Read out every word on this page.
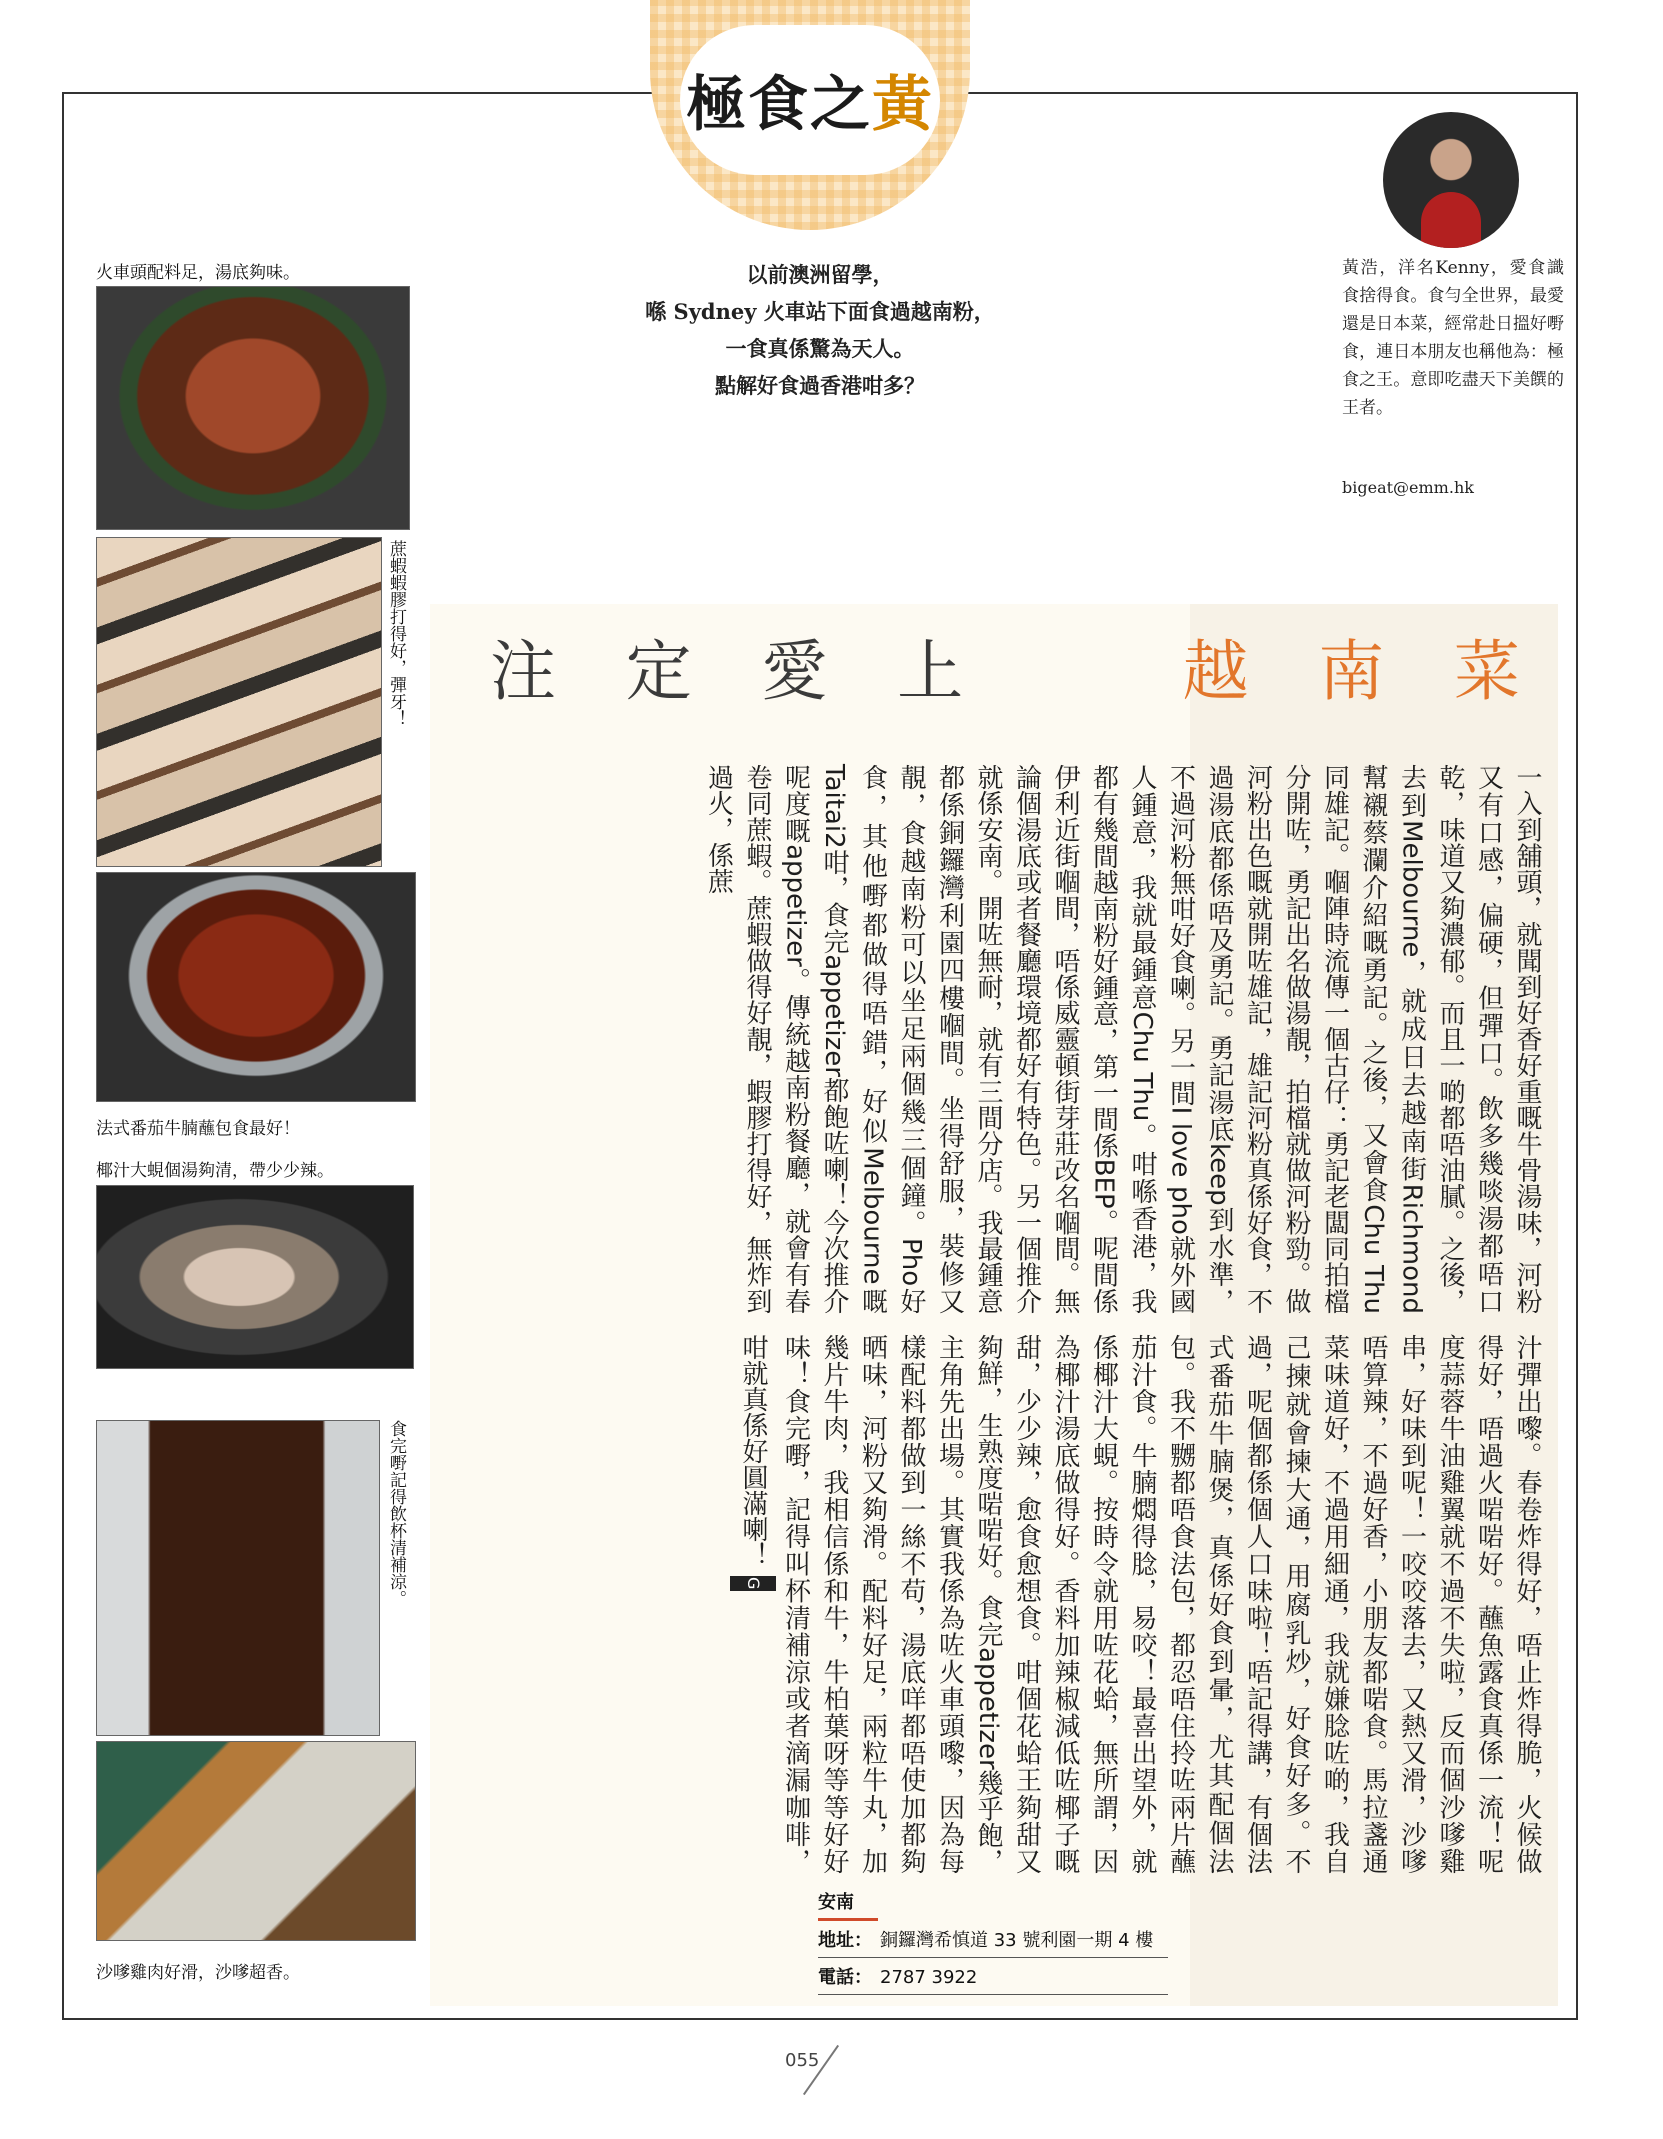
極食之黃
以前澳洲留學，
喺 Sydney 火車站下面食過越南粉，
一食真係驚為天人。
點解好食過香港咁多？
黃浩，洋名Kenny，愛食識食捨得食。食勻全世界，最愛還是日本菜，經常赴日搵好嘢食，連日本朋友也稱他為：極食之王。意即吃盡天下美饌的王者。
bigeat@emm.hk
火車頭配料足，湯底夠味。
蔗蝦蝦膠打得好，彈牙！
法式番茄牛腩蘸包食最好！
椰汁大蜆個湯夠清，帶少少辣。
食完嘢記得飲杯清補涼。
沙嗲雞肉好滑，沙嗲超香。
注 定 愛 上	越 南 菜

一入到舖頭，就聞到好香好重嘅牛骨湯味，河粉又有口感，偏硬，但彈口。飲多幾啖湯都唔口乾，味道又夠濃郁。而且一啲都唔油膩。之後，去到Melbourne，就成日去越南街Richmond幫襯蔡瀾介紹嘅勇記。之後，又會食Chu Thu同雄記。嗰陣時流傳一個古仔：勇記老闆同拍檔分開咗，勇記出名做湯靚，拍檔就做河粉勁。做河粉出色嘅就開咗雄記，雄記河粉真係好食，不過湯底都係唔及勇記。勇記湯底keep到水準，不過河粉無咁好食喇。另一間I love pho就外國人鍾意，我就最鍾意Chu Thu。咁喺香港，我都有幾間越南粉好鍾意，第一間係BEP。呢間係伊利近街嗰間，唔係威靈頓街芽莊改名嗰間。無論個湯底或者餐廳環境都好有特色。另一個推介就係安南。開咗無耐，就有三間分店。我最鍾意都係銅鑼灣利園四樓嗰間。坐得舒服，裝修又靚，食越南粉可以坐足兩個幾三個鐘。Pho好食，其他嘢都做得唔錯，好似Melbourne嘅Taitai2咁，食完appetizer都飽咗喇！今次推介呢度嘅appetizer。傳統越南粉餐廳，就會有春卷同蔗蝦。蔗蝦做得好靚，蝦膠打得好，無炸到過火，係蔗

汁彈出嚟。春卷炸得好，唔止炸得脆，火候做得好，唔過火啱啱好。蘸魚露食真係一流！呢度蒜蓉牛油雞翼就不過不失啦，反而個沙嗲雞串，好味到呢！一咬咬落去，又熱又滑，沙嗲唔算辣，不過好香，小朋友都啱食。馬拉盞通菜味道好，不過用細通，我就嫌腍咗啲，我自己揀就會揀大通，用腐乳炒，好食好多。不過，呢個都係個人口味啦！唔記得講，有個法式番茄牛腩煲，真係好食到暈，尤其配個法包。我不嬲都唔食法包，都忍唔住拎咗兩片蘸茄汁食。牛腩燜得腍，易咬！最喜出望外，就係椰汁大蜆。按時令就用咗花蛤，無所謂，因為椰汁湯底做得好。香料加辣椒減低咗椰子嘅甜，少少辣，愈食愈想食。咁個花蛤王夠甜又夠鮮，生熟度啱啱好。食完appetizer幾乎飽，主角先出場。其實我係為咗火車頭嚟，因為每樣配料都做到一絲不苟，湯底咩都唔使加都夠晒味，河粉又夠滑。配料好足，兩粒牛丸，加幾片牛肉，我相信係和牛，牛柏葉呀等等好好味！食完嘢，記得叫杯清補涼或者滴漏咖啡，咁就真係好圓滿喇！ G

安南
地址： 銅鑼灣希慎道 33 號利園一期 4 樓
電話： 2787 3922
055
